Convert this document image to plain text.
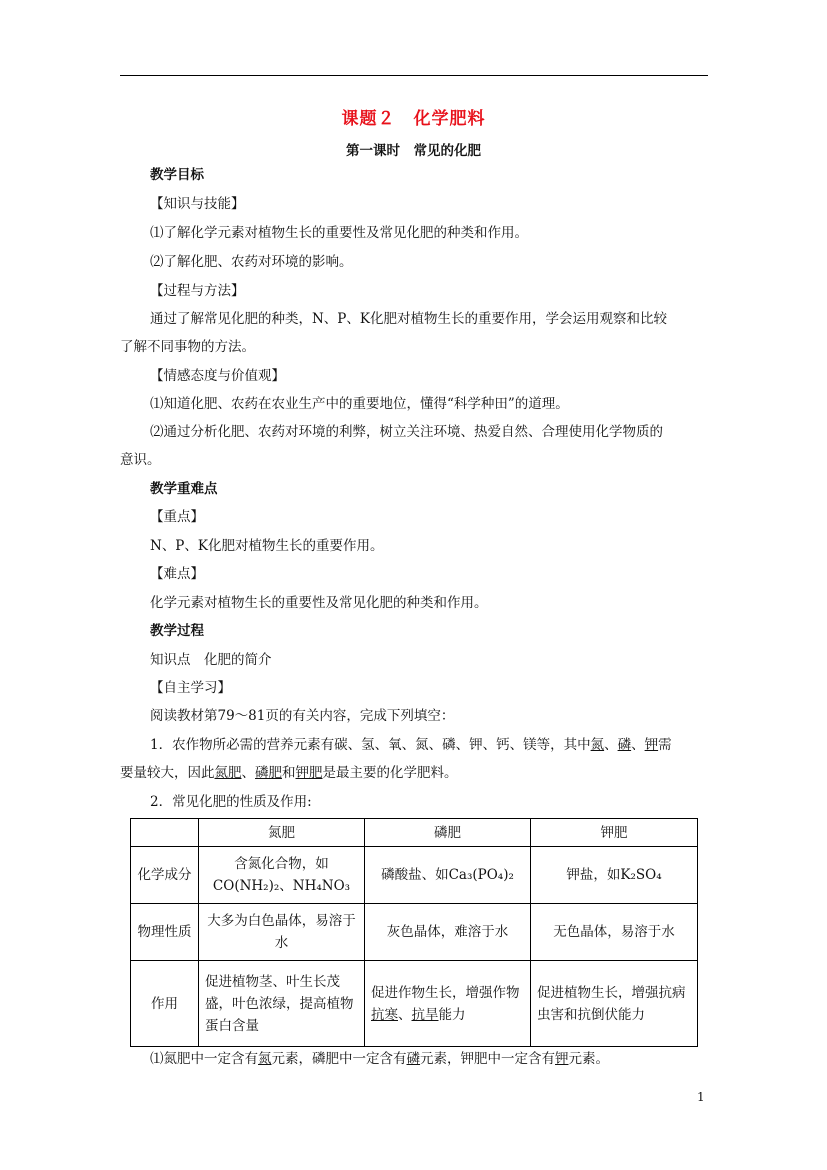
课题２　化学肥料
第一课时　常见的化肥
教学目标
【知识与技能】
⑴了解化学元素对植物生长的重要性及常见化肥的种类和作用。
⑵了解化肥、农药对环境的影响。
【过程与方法】
通过了解常见化肥的种类，N、P、K化肥对植物生长的重要作用，学会运用观察和比较
了解不同事物的方法。
【情感态度与价值观】
⑴知道化肥、农药在农业生产中的重要地位，懂得“科学种田”的道理。
⑵通过分析化肥、农药对环境的利弊，树立关注环境、热爱自然、合理使用化学物质的
意识。
教学重难点
【重点】
N、P、K化肥对植物生长的重要作用。
【难点】
化学元素对植物生长的重要性及常见化肥的种类和作用。
教学过程
知识点　化肥的简介
【自主学习】
阅读教材第79～81页的有关内容，完成下列填空：
1．农作物所必需的营养元素有碳、氢、氧、氮、磷、钾、钙、镁等，其中氮、磷、钾需
要量较大，因此氮肥、磷肥和钾肥是最主要的化学肥料。
2．常见化肥的性质及作用:
	氮肥	磷肥	钾肥
化学成分	含氮化合物，如CO(NH₂)₂、NH₄NO₃	磷酸盐、如Ca₃(PO₄)₂	钾盐，如K₂SO₄
物理性质	大多为白色晶体，易溶于水	灰色晶体，难溶于水	无色晶体，易溶于水
作用	促进植物茎、叶生长茂盛，叶色浓绿，提高植物蛋白含量	促进作物生长，增强作物抗寒、抗旱能力	促进植物生长，增强抗病虫害和抗倒伏能力
⑴氮肥中一定含有氮元素，磷肥中一定含有磷元素，钾肥中一定含有钾元素。
1
